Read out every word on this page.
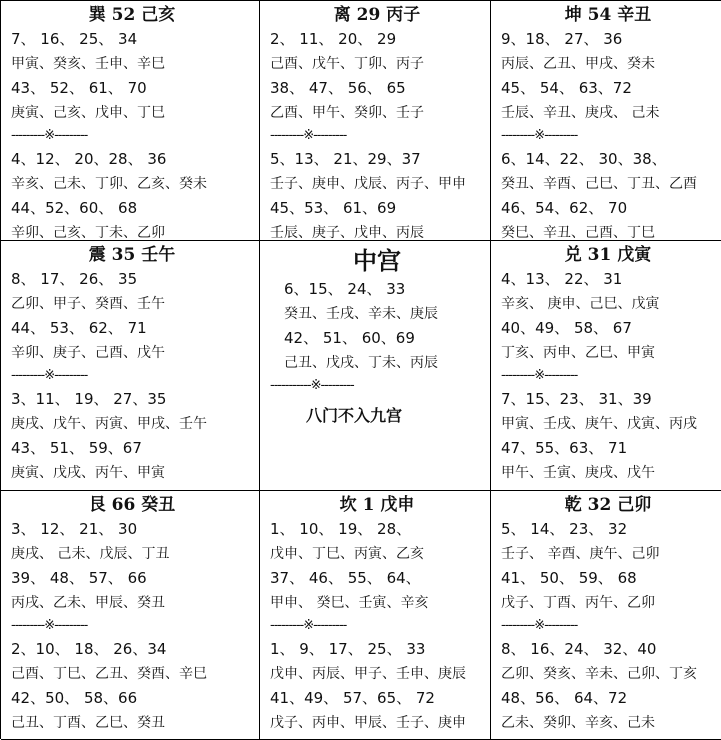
巽 52 己亥
7、 16、 25、 34
甲寅、癸亥、壬申、辛巳
43、 52、 61、 70
庚寅、己亥、戊申、丁巳
---------※---------
4、12、 20、28、 36
辛亥、己未、丁卯、乙亥、癸未
44、52、60、 68
辛卯、己亥、丁未、乙卯
离 29 丙子
2、 11、 20、 29
己酉、戊午、丁卯、丙子
38、 47、 56、 65
乙酉、甲午、癸卯、壬子
---------※---------
5、13、 21、29、37
壬子、庚申、戊辰、丙子、甲申
45、53、 61、69
壬辰、庚子、戊申、丙辰
坤 54 辛丑
9、18、 27、 36
丙辰、乙丑、甲戌、癸未
45、 54、 63、72
壬辰、辛丑、庚戌、 己未
---------※---------
6、14、22、 30、38、
癸丑、辛酉、己巳、丁丑、乙酉
46、54、62、 70
癸巳、辛丑、己酉、丁巳
震 35 壬午
8、 17、 26、 35
乙卯、甲子、癸酉、壬午
44、 53、 62、 71
辛卯、庚子、己酉、戊午
---------※---------
3、11、 19、 27、35
庚戌、戊午、丙寅、甲戌、壬午
43、 51、 59、67
庚寅、戊戌、丙午、甲寅
中宫
6、15、 24、 33
癸丑、壬戌、辛未、庚辰
42、 51、 60、69
己丑、戊戌、丁未、丙辰
-----------※---------
八门不入九宫
兑 31 戊寅
4、13、 22、 31
辛亥、 庚申、己巳、戊寅
40、49、 58、 67
丁亥、丙申、乙巳、甲寅
---------※---------
7、15、23、 31、39
甲寅、壬戌、庚午、戊寅、丙戌
47、55、63、 71
甲午、壬寅、庚戌、戊午
艮 66 癸丑
3、 12、 21、 30
庚戌、 己未、戊辰、丁丑
39、 48、 57、 66
丙戌、乙未、甲辰、癸丑
---------※---------
2、10、 18、 26、34
己酉、丁巳、乙丑、癸酉、辛巳
42、50、 58、66
己丑、丁酉、乙巳、癸丑
坎 1 戊申
1、 10、 19、 28、
戊申、丁巳、丙寅、乙亥
37、 46、 55、 64、
甲申、 癸巳、壬寅、辛亥
---------※---------
1、 9、 17、 25、 33
戊申、丙辰、甲子、壬申、庚辰
41、49、 57、65、 72
戊子、丙申、甲辰、壬子、庚申
乾 32 己卯
5、 14、 23、 32
壬子、 辛酉、庚午、己卯
41、 50、 59、 68
戊子、丁酉、丙午、乙卯
---------※---------
8、 16、24、 32、40
乙卯、癸亥、辛未、己卯、丁亥
48、56、 64、72
乙未、癸卯、辛亥、己未
